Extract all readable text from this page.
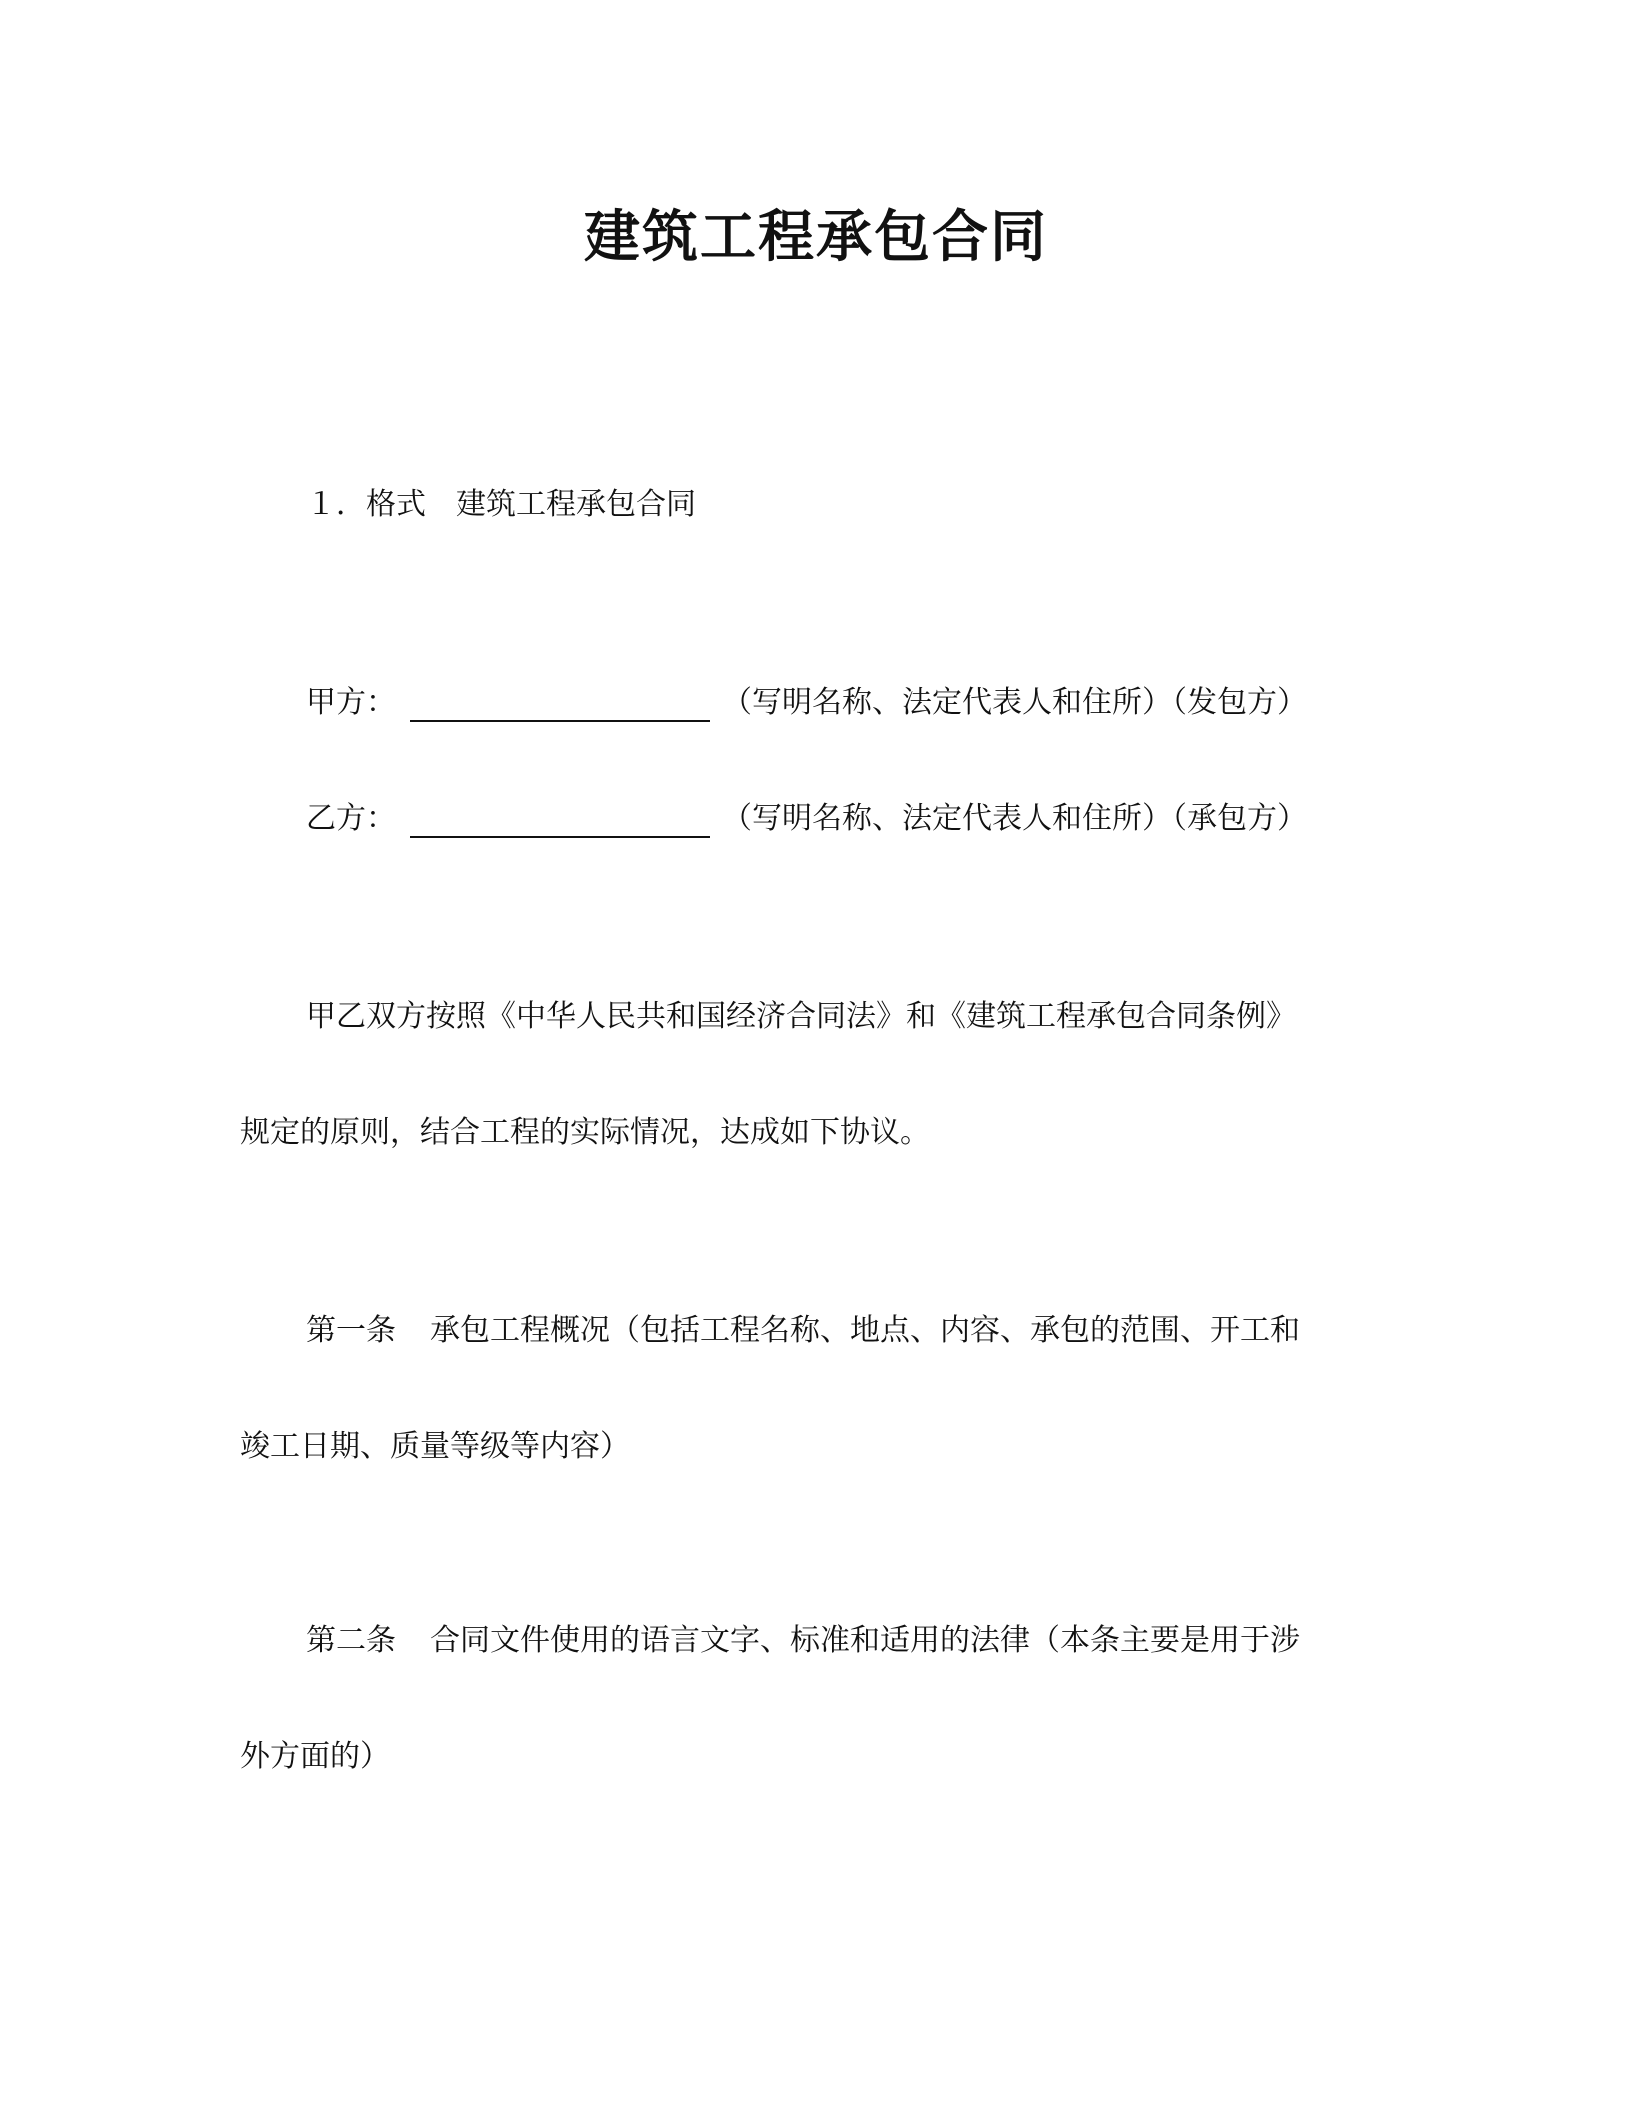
建筑工程承包合同
１．格式　建筑工程承包合同
甲方：	（写明名称、法定代表人和住所）（发包方）
乙方：	（写明名称、法定代表人和住所）（承包方）
甲乙双方按照《中华人民共和国经济合同法》和《建筑工程承包合同条例》
规定的原则，结合工程的实际情况，达成如下协议。
第一条 承包工程概况（包括工程名称、地点、内容、承包的范围、开工和
竣工日期、质量等级等内容）
第二条 合同文件使用的语言文字、标准和适用的法律（本条主要是用于涉
外方面的）
